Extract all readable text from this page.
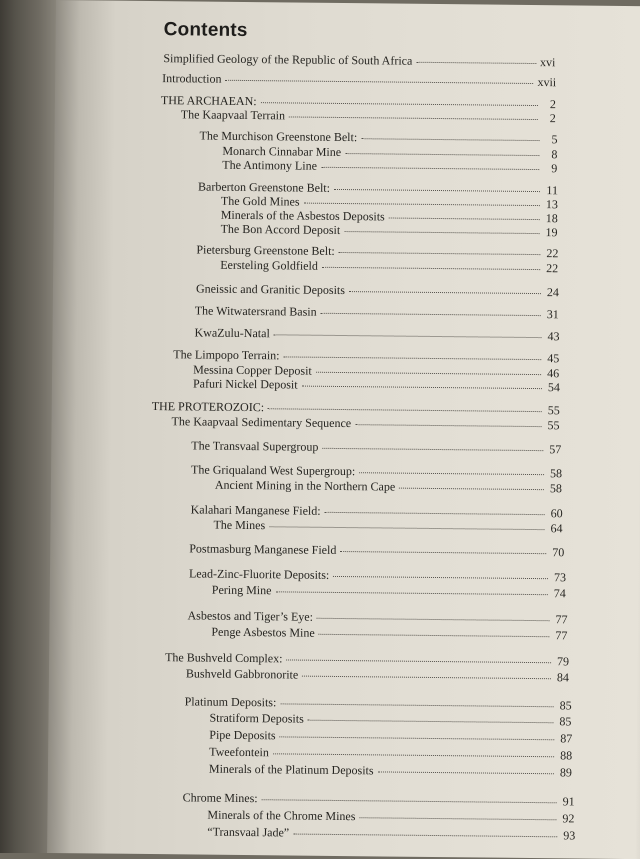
Contents
Simplified Geology of the Republic of South Africa	xvi
Introduction	xvii
THE ARCHAEAN:	2
The Kaapvaal Terrain	2
The Murchison Greenstone Belt:	5
Monarch Cinnabar Mine	8
The Antimony Line	9
Barberton Greenstone Belt:	11
The Gold Mines	13
Minerals of the Asbestos Deposits	18
The Bon Accord Deposit	19
Pietersburg Greenstone Belt:	22
Eersteling Goldfield	22
Gneissic and Granitic Deposits	24
The Witwatersrand Basin	31
KwaZulu-Natal	43
The Limpopo Terrain:	45
Messina Copper Deposit	46
Pafuri Nickel Deposit	54
THE PROTEROZOIC:	55
The Kaapvaal Sedimentary Sequence	55
The Transvaal Supergroup	57
The Griqualand West Supergroup:	58
Ancient Mining in the Northern Cape	58
Kalahari Manganese Field:	60
The Mines	64
Postmasburg Manganese Field	70
Lead-Zinc-Fluorite Deposits:	73
Pering Mine	74
Asbestos and Tiger’s Eye:	77
Penge Asbestos Mine	77
The Bushveld Complex:	79
Bushveld Gabbronorite	84
Platinum Deposits:	85
Stratiform Deposits	85
Pipe Deposits	87
Tweefontein	88
Minerals of the Platinum Deposits	89
Chrome Mines:	91
Minerals of the Chrome Mines	92
“Transvaal Jade”	93
